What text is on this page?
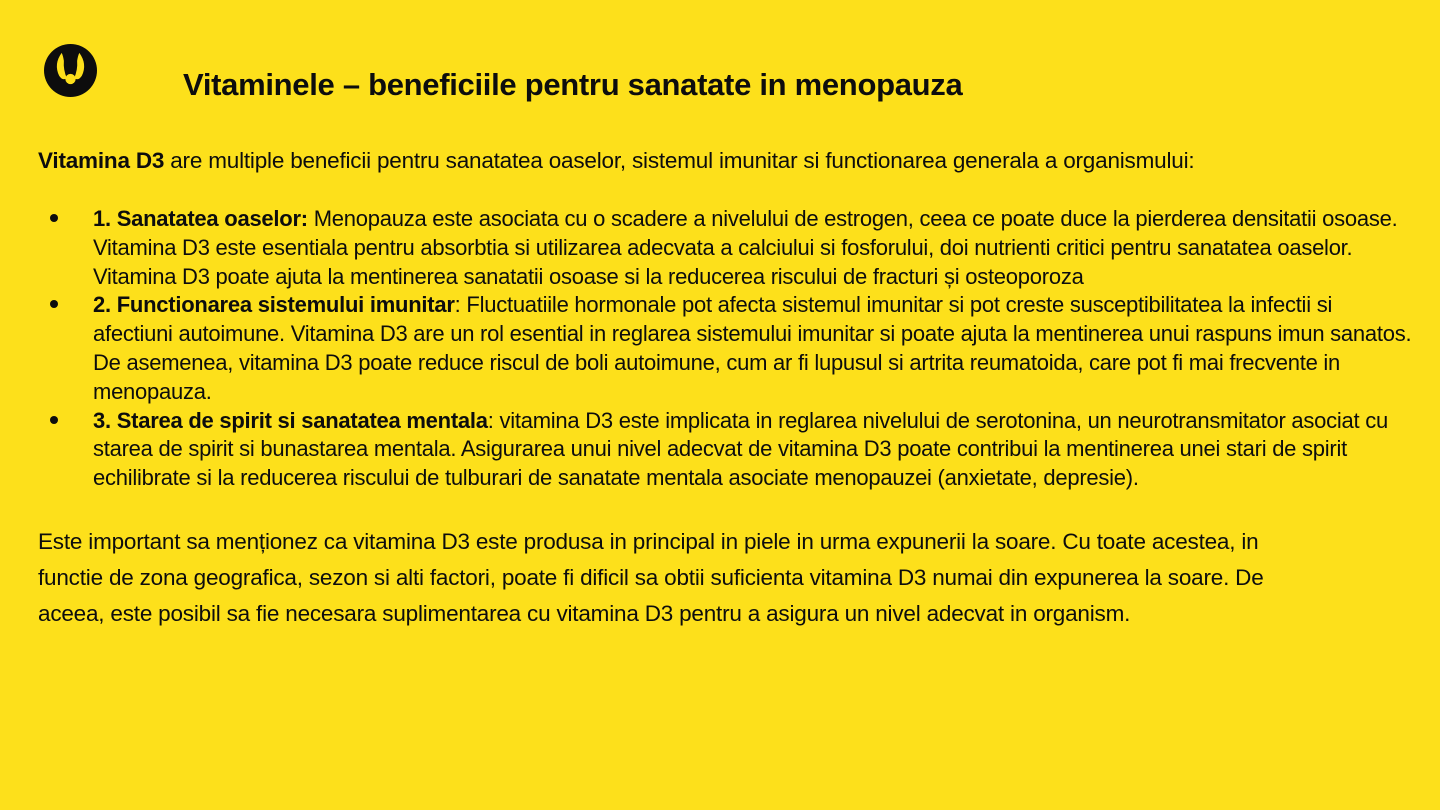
Vitaminele – beneficiile pentru sanatate in menopauza

Vitamina D3 are multiple beneficii pentru sanatatea oaselor, sistemul imunitar si functionarea generala a organismului:

1. Sanatatea oaselor: Menopauza este asociata cu o scadere a nivelului de estrogen, ceea ce poate duce la pierderea densitatii osoase. Vitamina D3 este esentiala pentru absorbtia si utilizarea adecvata a calciului si fosforului, doi nutrienti critici pentru sanatatea oaselor. Vitamina D3 poate ajuta la mentinerea sanatatii osoase si la reducerea riscului de fracturi și osteoporoza
2. Functionarea sistemului imunitar: Fluctuatiile hormonale pot afecta sistemul imunitar si pot creste susceptibilitatea la infectii si afectiuni autoimune. Vitamina D3 are un rol esential in reglarea sistemului imunitar si poate ajuta la mentinerea unui raspuns imun sanatos. De asemenea, vitamina D3 poate reduce riscul de boli autoimune, cum ar fi lupusul si artrita reumatoida, care pot fi mai frecvente in menopauza.
3. Starea de spirit si sanatatea mentala: vitamina D3 este implicata in reglarea nivelului de serotonina, un neurotransmitator asociat cu starea de spirit si bunastarea mentala. Asigurarea unui nivel adecvat de vitamina D3 poate contribui la mentinerea unei stari de spirit echilibrate si la reducerea riscului de tulburari de sanatate mentala asociate menopauzei (anxietate, depresie).

Este important sa menționez ca vitamina D3 este produsa in principal in piele in urma expunerii la soare. Cu toate acestea, in functie de zona geografica, sezon si alti factori, poate fi dificil sa obtii suficienta vitamina D3 numai din expunerea la soare. De aceea, este posibil sa fie necesara suplimentarea cu vitamina D3 pentru a asigura un nivel adecvat in organism.
